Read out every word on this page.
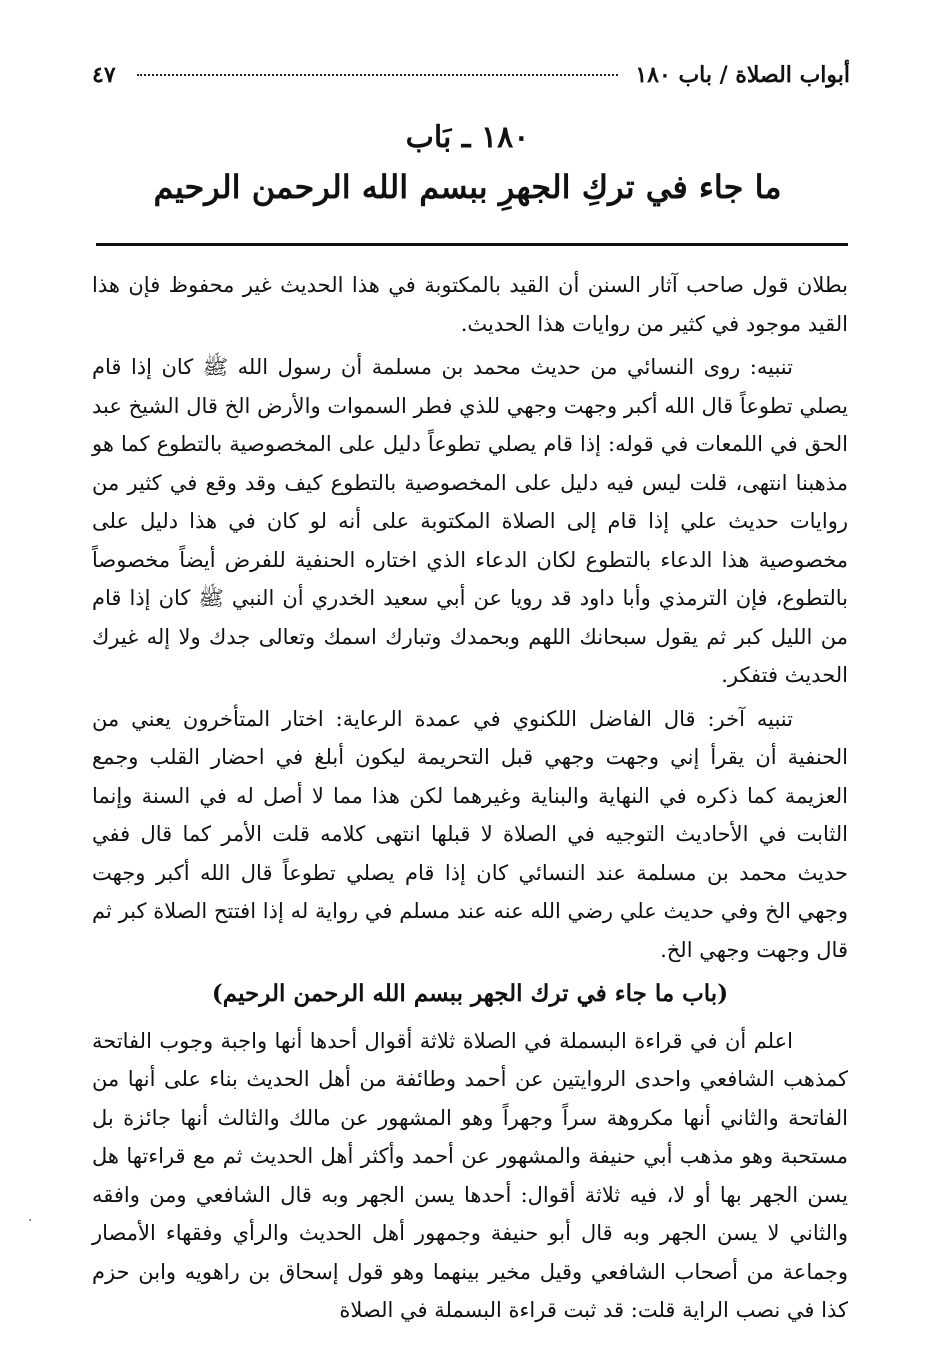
أبواب الصلاة / باب ١٨٠
٤٧
١٨٠ ـ بَاب
ما جاء في تركِ الجهرِ ببسم الله الرحمن الرحيم

بطلان قول صاحب آثار السنن أن القيد بالمكتوبة في هذا الحديث غير محفوظ فإن هذا القيد موجود في كثير من روايات هذا الحديث.

تنبيه: روى النسائي من حديث محمد بن مسلمة أن رسول الله ﷺ كان إذا قام يصلي تطوعاً قال الله أكبر وجهت وجهي للذي فطر السموات والأرض الخ قال الشيخ عبد الحق في اللمعات في قوله: إذا قام يصلي تطوعاً دليل على المخصوصية بالتطوع كما هو مذهبنا انتهى، قلت ليس فيه دليل على المخصوصية بالتطوع كيف وقد وقع في كثير من روايات حديث علي إذا قام إلى الصلاة المكتوبة على أنه لو كان في هذا دليل على مخصوصية هذا الدعاء بالتطوع لكان الدعاء الذي اختاره الحنفية للفرض أيضاً مخصوصاً بالتطوع، فإن الترمذي وأبا داود قد رويا عن أبي سعيد الخدري أن النبي ﷺ كان إذا قام من الليل كبر ثم يقول سبحانك اللهم وبحمدك وتبارك اسمك وتعالى جدك ولا إله غيرك الحديث فتفكر.

تنبيه آخر: قال الفاضل اللكنوي في عمدة الرعاية: اختار المتأخرون يعني من الحنفية أن يقرأ إني وجهت وجهي قبل التحريمة ليكون أبلغ في احضار القلب وجمع العزيمة كما ذكره في النهاية والبناية وغيرهما لكن هذا مما لا أصل له في السنة وإنما الثابت في الأحاديث التوجيه في الصلاة لا قبلها انتهى كلامه قلت الأمر كما قال ففي حديث محمد بن مسلمة عند النسائي كان إذا قام يصلي تطوعاً قال الله أكبر وجهت وجهي الخ وفي حديث علي رضي الله عنه عند مسلم في رواية له إذا افتتح الصلاة كبر ثم قال وجهت وجهي الخ.

(باب ما جاء في ترك الجهر ببسم الله الرحمن الرحيم)

اعلم أن في قراءة البسملة في الصلاة ثلاثة أقوال أحدها أنها واجبة وجوب الفاتحة كمذهب الشافعي واحدى الروايتين عن أحمد وطائفة من أهل الحديث بناء على أنها من الفاتحة والثاني أنها مكروهة سراً وجهراً وهو المشهور عن مالك والثالث أنها جائزة بل مستحبة وهو مذهب أبي حنيفة والمشهور عن أحمد وأكثر أهل الحديث ثم مع قراءتها هل يسن الجهر بها أو لا، فيه ثلاثة أقوال: أحدها يسن الجهر وبه قال الشافعي ومن وافقه والثاني لا يسن الجهر وبه قال أبو حنيفة وجمهور أهل الحديث والرأي وفقهاء الأمصار وجماعة من أصحاب الشافعي وقيل مخير بينهما وهو قول إسحاق بن راهويه وابن حزم كذا في نصب الراية قلت: قد ثبت قراءة البسملة في الصلاة

·
